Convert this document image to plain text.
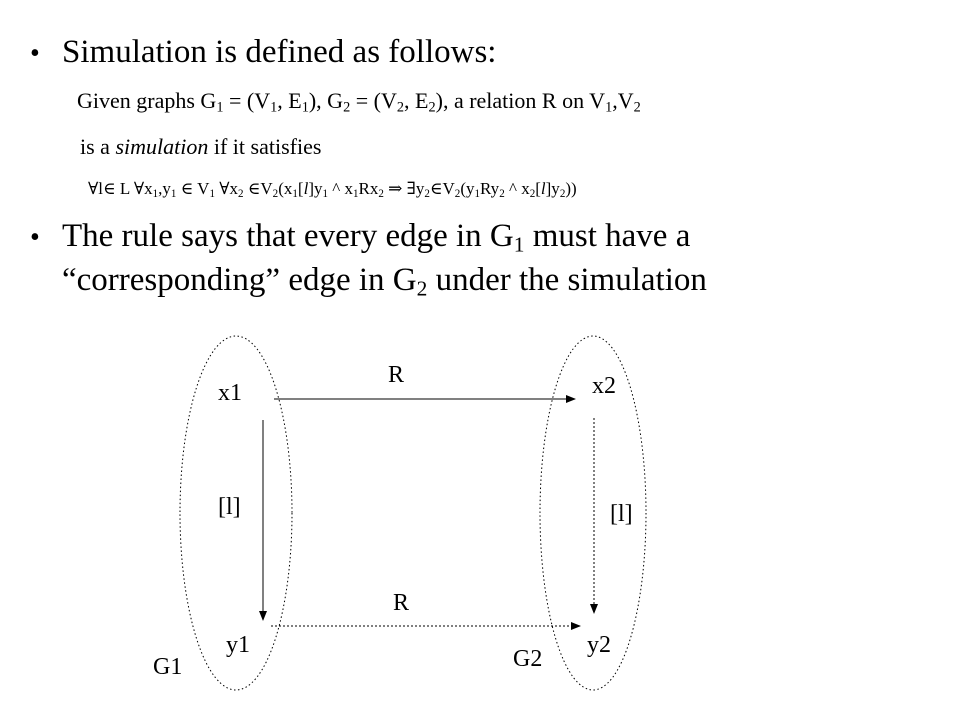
• Simulation is defined as follows:
Given graphs $G_1 = (V_1$, $E_1$), $G_2 = (V_2$, $E_2$), a relation R on $V_1,V_2$
is a simulation if it satisfies
∀l∈ L $\forall x_1,y_1$ ∈ $V_1$ $\forall x_2$ $\in V_2(x_1[l]y_1$ ^ $x_1Rx_2$ ⇒ $\exists y_2\in V_2(y_1Ry_2$ ^ $x_2[l]y_2$))
• The rule says that every edge in $G_1$ must have a
“corresponding” edge in $G_2$ under the simulation
x1	x2
y1	y2
R
R
[l]	[l]
G1	G2
